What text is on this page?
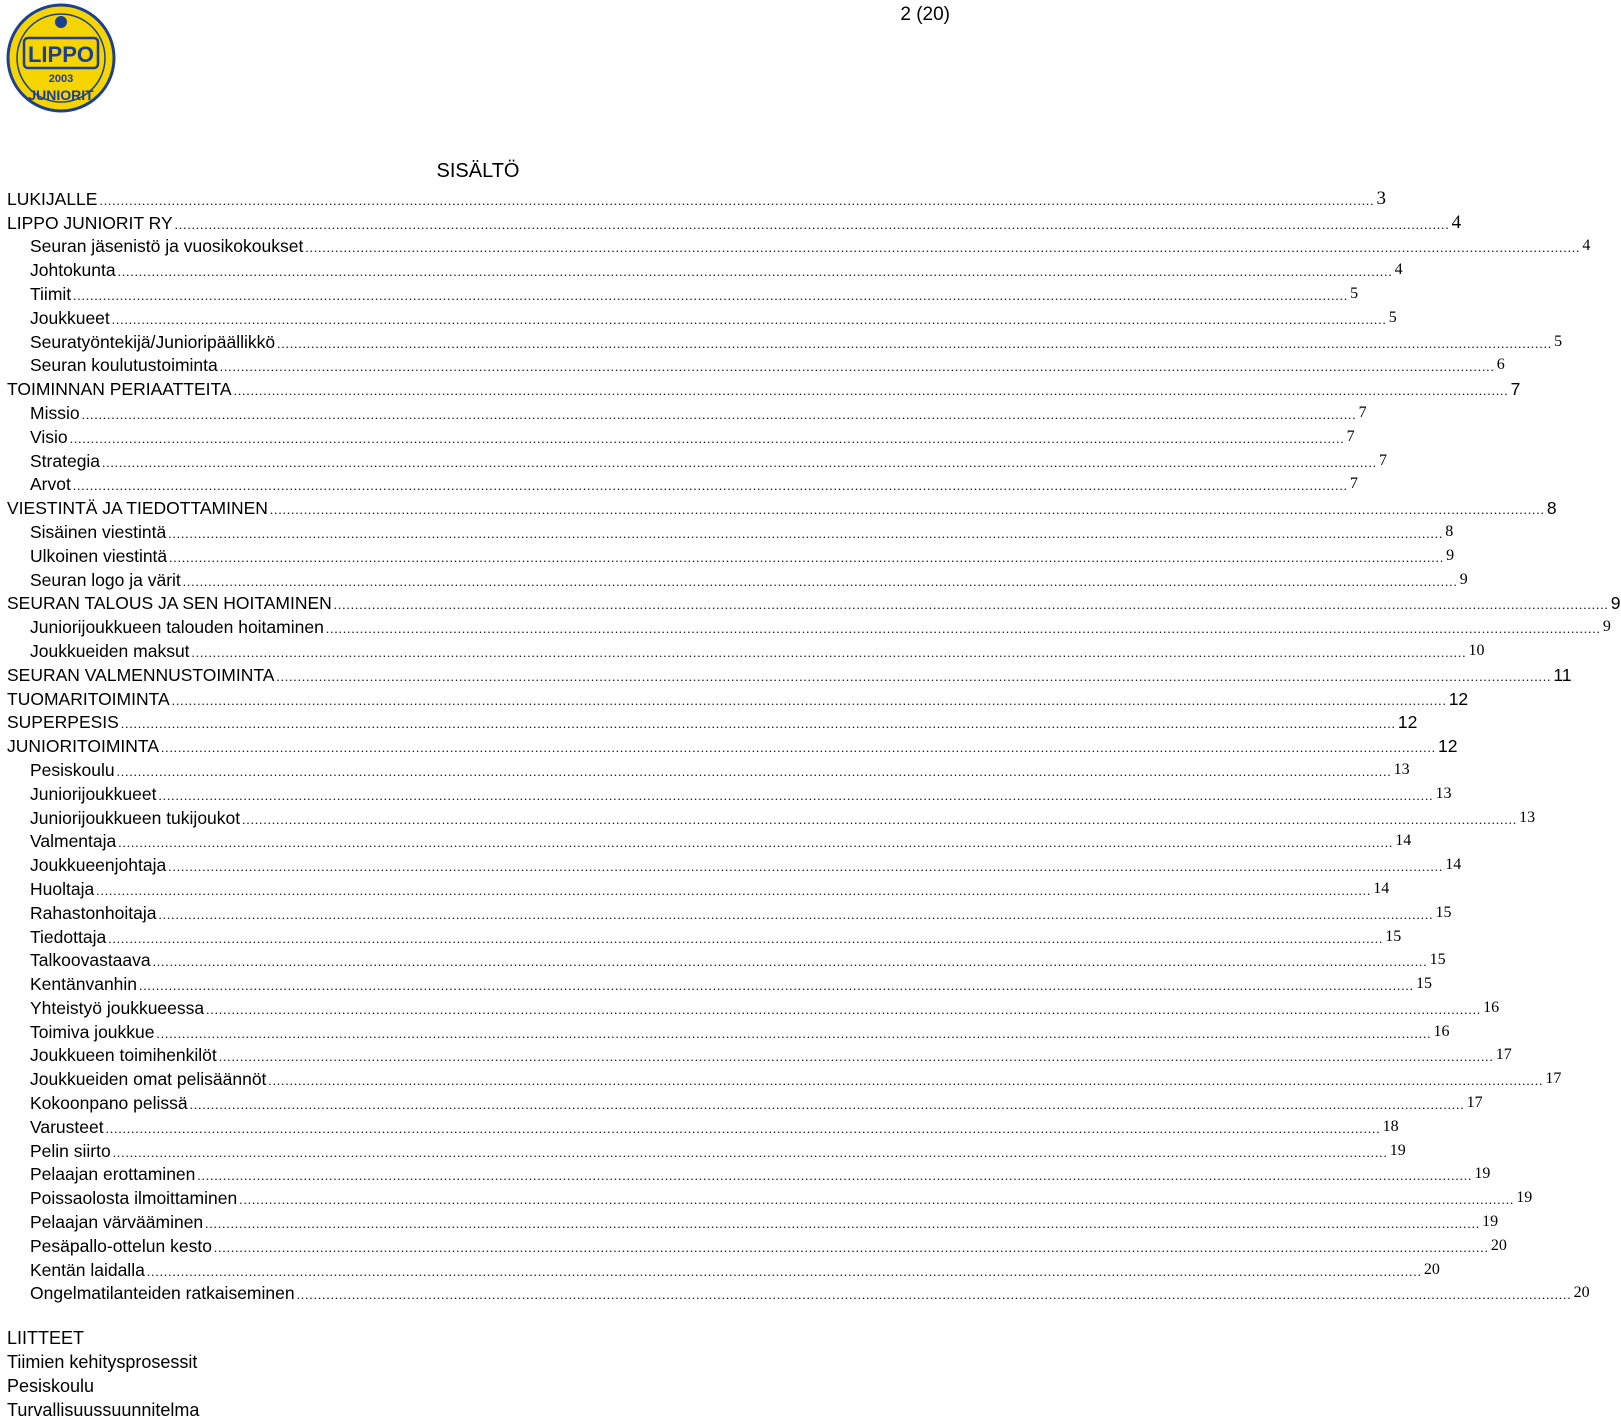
LIPPO
2003
JUNIORIT
2 (20)
SISÄLTÖ
LUKIJALLE ............................................................................................................................................................................................................................................................................................................ 3
LIPPO JUNIORIT RY ............................................................................................................................................................................................................................................................................................................ 4
Seuran jäsenistö ja vuosikokoukset ............................................................................................................................................................................................................................................................................................................ 4
Johtokunta ............................................................................................................................................................................................................................................................................................................ 4
Tiimit ............................................................................................................................................................................................................................................................................................................ 5
Joukkueet ............................................................................................................................................................................................................................................................................................................ 5
Seuratyöntekijä/Junioripäällikkö ............................................................................................................................................................................................................................................................................................................ 5
Seuran koulutustoiminta ............................................................................................................................................................................................................................................................................................................ 6
TOIMINNAN PERIAATTEITA ............................................................................................................................................................................................................................................................................................................ 7
Missio ............................................................................................................................................................................................................................................................................................................ 7
Visio ............................................................................................................................................................................................................................................................................................................ 7
Strategia ............................................................................................................................................................................................................................................................................................................ 7
Arvot ............................................................................................................................................................................................................................................................................................................ 7
VIESTINTÄ JA TIEDOTTAMINEN ............................................................................................................................................................................................................................................................................................................ 8
Sisäinen viestintä ............................................................................................................................................................................................................................................................................................................ 8
Ulkoinen viestintä ............................................................................................................................................................................................................................................................................................................ 9
Seuran logo ja värit ............................................................................................................................................................................................................................................................................................................ 9
SEURAN TALOUS JA SEN HOITAMINEN ............................................................................................................................................................................................................................................................................................................ 9
Juniorijoukkueen talouden hoitaminen ............................................................................................................................................................................................................................................................................................................ 9
Joukkueiden maksut ............................................................................................................................................................................................................................................................................................................ 10
SEURAN VALMENNUSTOIMINTA ............................................................................................................................................................................................................................................................................................................ 11
TUOMARITOIMINTA ............................................................................................................................................................................................................................................................................................................ 12
SUPERPESIS ............................................................................................................................................................................................................................................................................................................ 12
JUNIORITOIMINTA ............................................................................................................................................................................................................................................................................................................ 12
Pesiskoulu ............................................................................................................................................................................................................................................................................................................ 13
Juniorijoukkueet ............................................................................................................................................................................................................................................................................................................ 13
Juniorijoukkueen tukijoukot ............................................................................................................................................................................................................................................................................................................ 13
Valmentaja ............................................................................................................................................................................................................................................................................................................ 14
Joukkueenjohtaja ............................................................................................................................................................................................................................................................................................................ 14
Huoltaja ............................................................................................................................................................................................................................................................................................................ 14
Rahastonhoitaja ............................................................................................................................................................................................................................................................................................................ 15
Tiedottaja ............................................................................................................................................................................................................................................................................................................ 15
Talkoovastaava ............................................................................................................................................................................................................................................................................................................ 15
Kentänvanhin ............................................................................................................................................................................................................................................................................................................ 15
Yhteistyö joukkueessa ............................................................................................................................................................................................................................................................................................................ 16
Toimiva joukkue ............................................................................................................................................................................................................................................................................................................ 16
Joukkueen toimihenkilöt ............................................................................................................................................................................................................................................................................................................ 17
Joukkueiden omat pelisäännöt ............................................................................................................................................................................................................................................................................................................ 17
Kokoonpano pelissä ............................................................................................................................................................................................................................................................................................................ 17
Varusteet ............................................................................................................................................................................................................................................................................................................ 18
Pelin siirto ............................................................................................................................................................................................................................................................................................................ 19
Pelaajan erottaminen ............................................................................................................................................................................................................................................................................................................ 19
Poissaolosta ilmoittaminen ............................................................................................................................................................................................................................................................................................................ 19
Pelaajan värvääminen ............................................................................................................................................................................................................................................................................................................ 19
Pesäpallo-ottelun kesto ............................................................................................................................................................................................................................................................................................................ 20
Kentän laidalla ............................................................................................................................................................................................................................................................................................................ 20
Ongelmatilanteiden ratkaiseminen ............................................................................................................................................................................................................................................................................................................ 20
LIITTEET
Tiimien kehitysprosessit
Pesiskoulu
Turvallisuussuunnitelma
